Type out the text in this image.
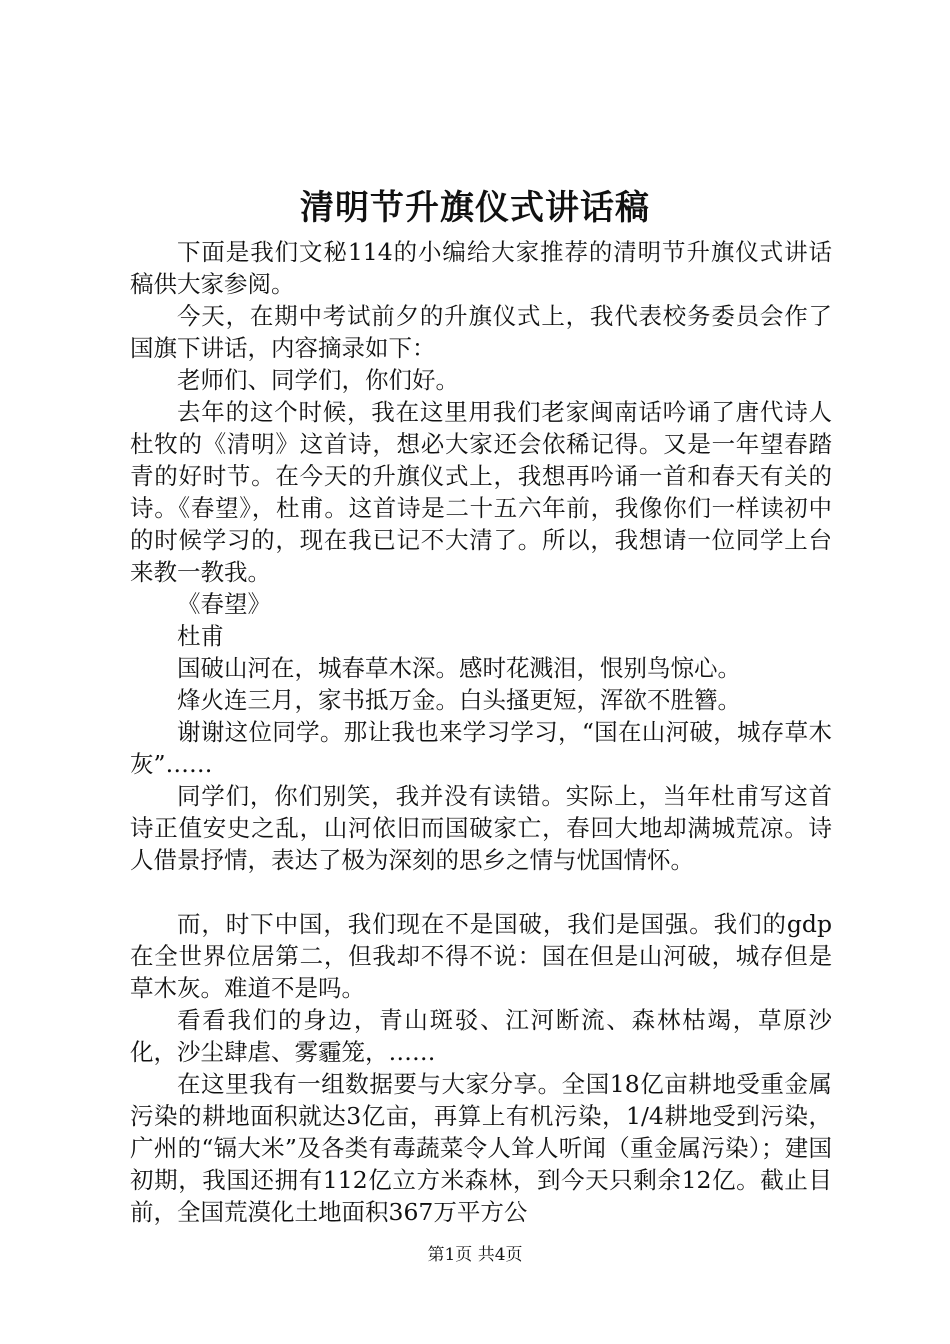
清明节升旗仪式讲话稿

下面是我们文秘114的小编给大家推荐的清明节升旗仪式讲话稿供大家参阅。

今天，在期中考试前夕的升旗仪式上，我代表校务委员会作了国旗下讲话，内容摘录如下：

老师们、同学们，你们好。

去年的这个时候，我在这里用我们老家闽南话吟诵了唐代诗人杜牧的《清明》这首诗，想必大家还会依稀记得。又是一年望春踏青的好时节。在今天的升旗仪式上，我想再吟诵一首和春天有关的诗。《春望》，杜甫。这首诗是二十五六年前，我像你们一样读初中的时候学习的，现在我已记不大清了。所以，我想请一位同学上台来教一教我。

《春望》

杜甫

国破山河在，城春草木深。感时花溅泪，恨别鸟惊心。

烽火连三月，家书抵万金。白头搔更短，浑欲不胜簪。

谢谢这位同学。那让我也来学习学习，“国在山河破，城存草木灰”……

同学们，你们别笑，我并没有读错。实际上，当年杜甫写这首诗正值安史之乱，山河依旧而国破家亡，春回大地却满城荒凉。诗人借景抒情，表达了极为深刻的思乡之情与忧国情怀。

而，时下中国，我们现在不是国破，我们是国强。我们的gdp在全世界位居第二，但我却不得不说：国在但是山河破，城存但是草木灰。难道不是吗。

看看我们的身边，青山斑驳、江河断流、森林枯竭，草原沙化，沙尘肆虐、雾霾笼，……

在这里我有一组数据要与大家分享。全国18亿亩耕地受重金属污染的耕地面积就达3亿亩，再算上有机污染，1/4耕地受到污染，广州的“镉大米”及各类有毒蔬菜令人耸人听闻（重金属污染）；建国初期，我国还拥有112亿立方米森林，到今天只剩余12亿。截止目前，全国荒漠化土地面积367万平方公

第1页 共4页
